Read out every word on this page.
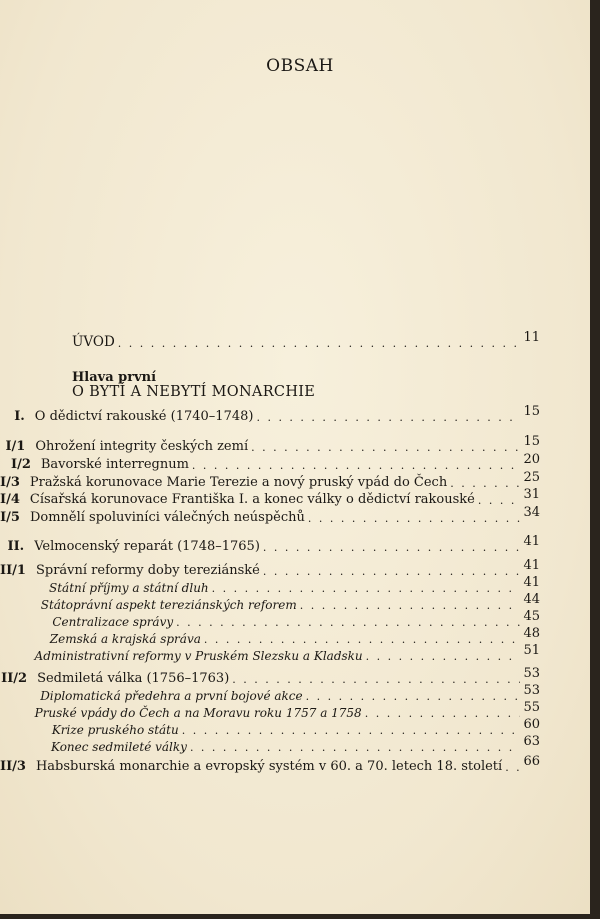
OBSAH
ÚVOD . . .	11
Hlava první
O BYTÍ A NEBYTÍ MONARCHIE
I. O dědictví rakouské (1740–1748) . . .	15
I/1 Ohrožení integrity českých zemí . . .	15
I/2 Bavorské interregnum . . .	20
I/3 Pražská korunovace Marie Terezie a nový pruský vpád do Čech . . .	25
I/4 Císařská korunovace Františka I. a konec války o dědictví rakouské . . .	31
I/5 Domnělí spoluviníci válečných neúspěchů . . .	34
II. Velmocenský reparát (1748–1765) . . .	41
II/1 Správní reformy doby tereziánské . . .	41
Státní příjmy a státní dluh . . .	41
Státoprávní aspekt tereziánských reforem . . .	44
Centralizace správy . . .	45
Zemská a krajská správa . . .	48
Administrativní reformy v Pruském Slezsku a Kladsku . . .	51
II/2 Sedmiletá válka (1756–1763) . . .	53
Diplomatická předehra a první bojové akce . . .	53
Pruské vpády do Čech a na Moravu roku 1757 a 1758 . . .	55
Krize pruského státu . . .	60
Konec sedmileté války . . .	63
II/3 Habsburská monarchie a evropský systém v 60. a 70. letech 18. století . . . 66
